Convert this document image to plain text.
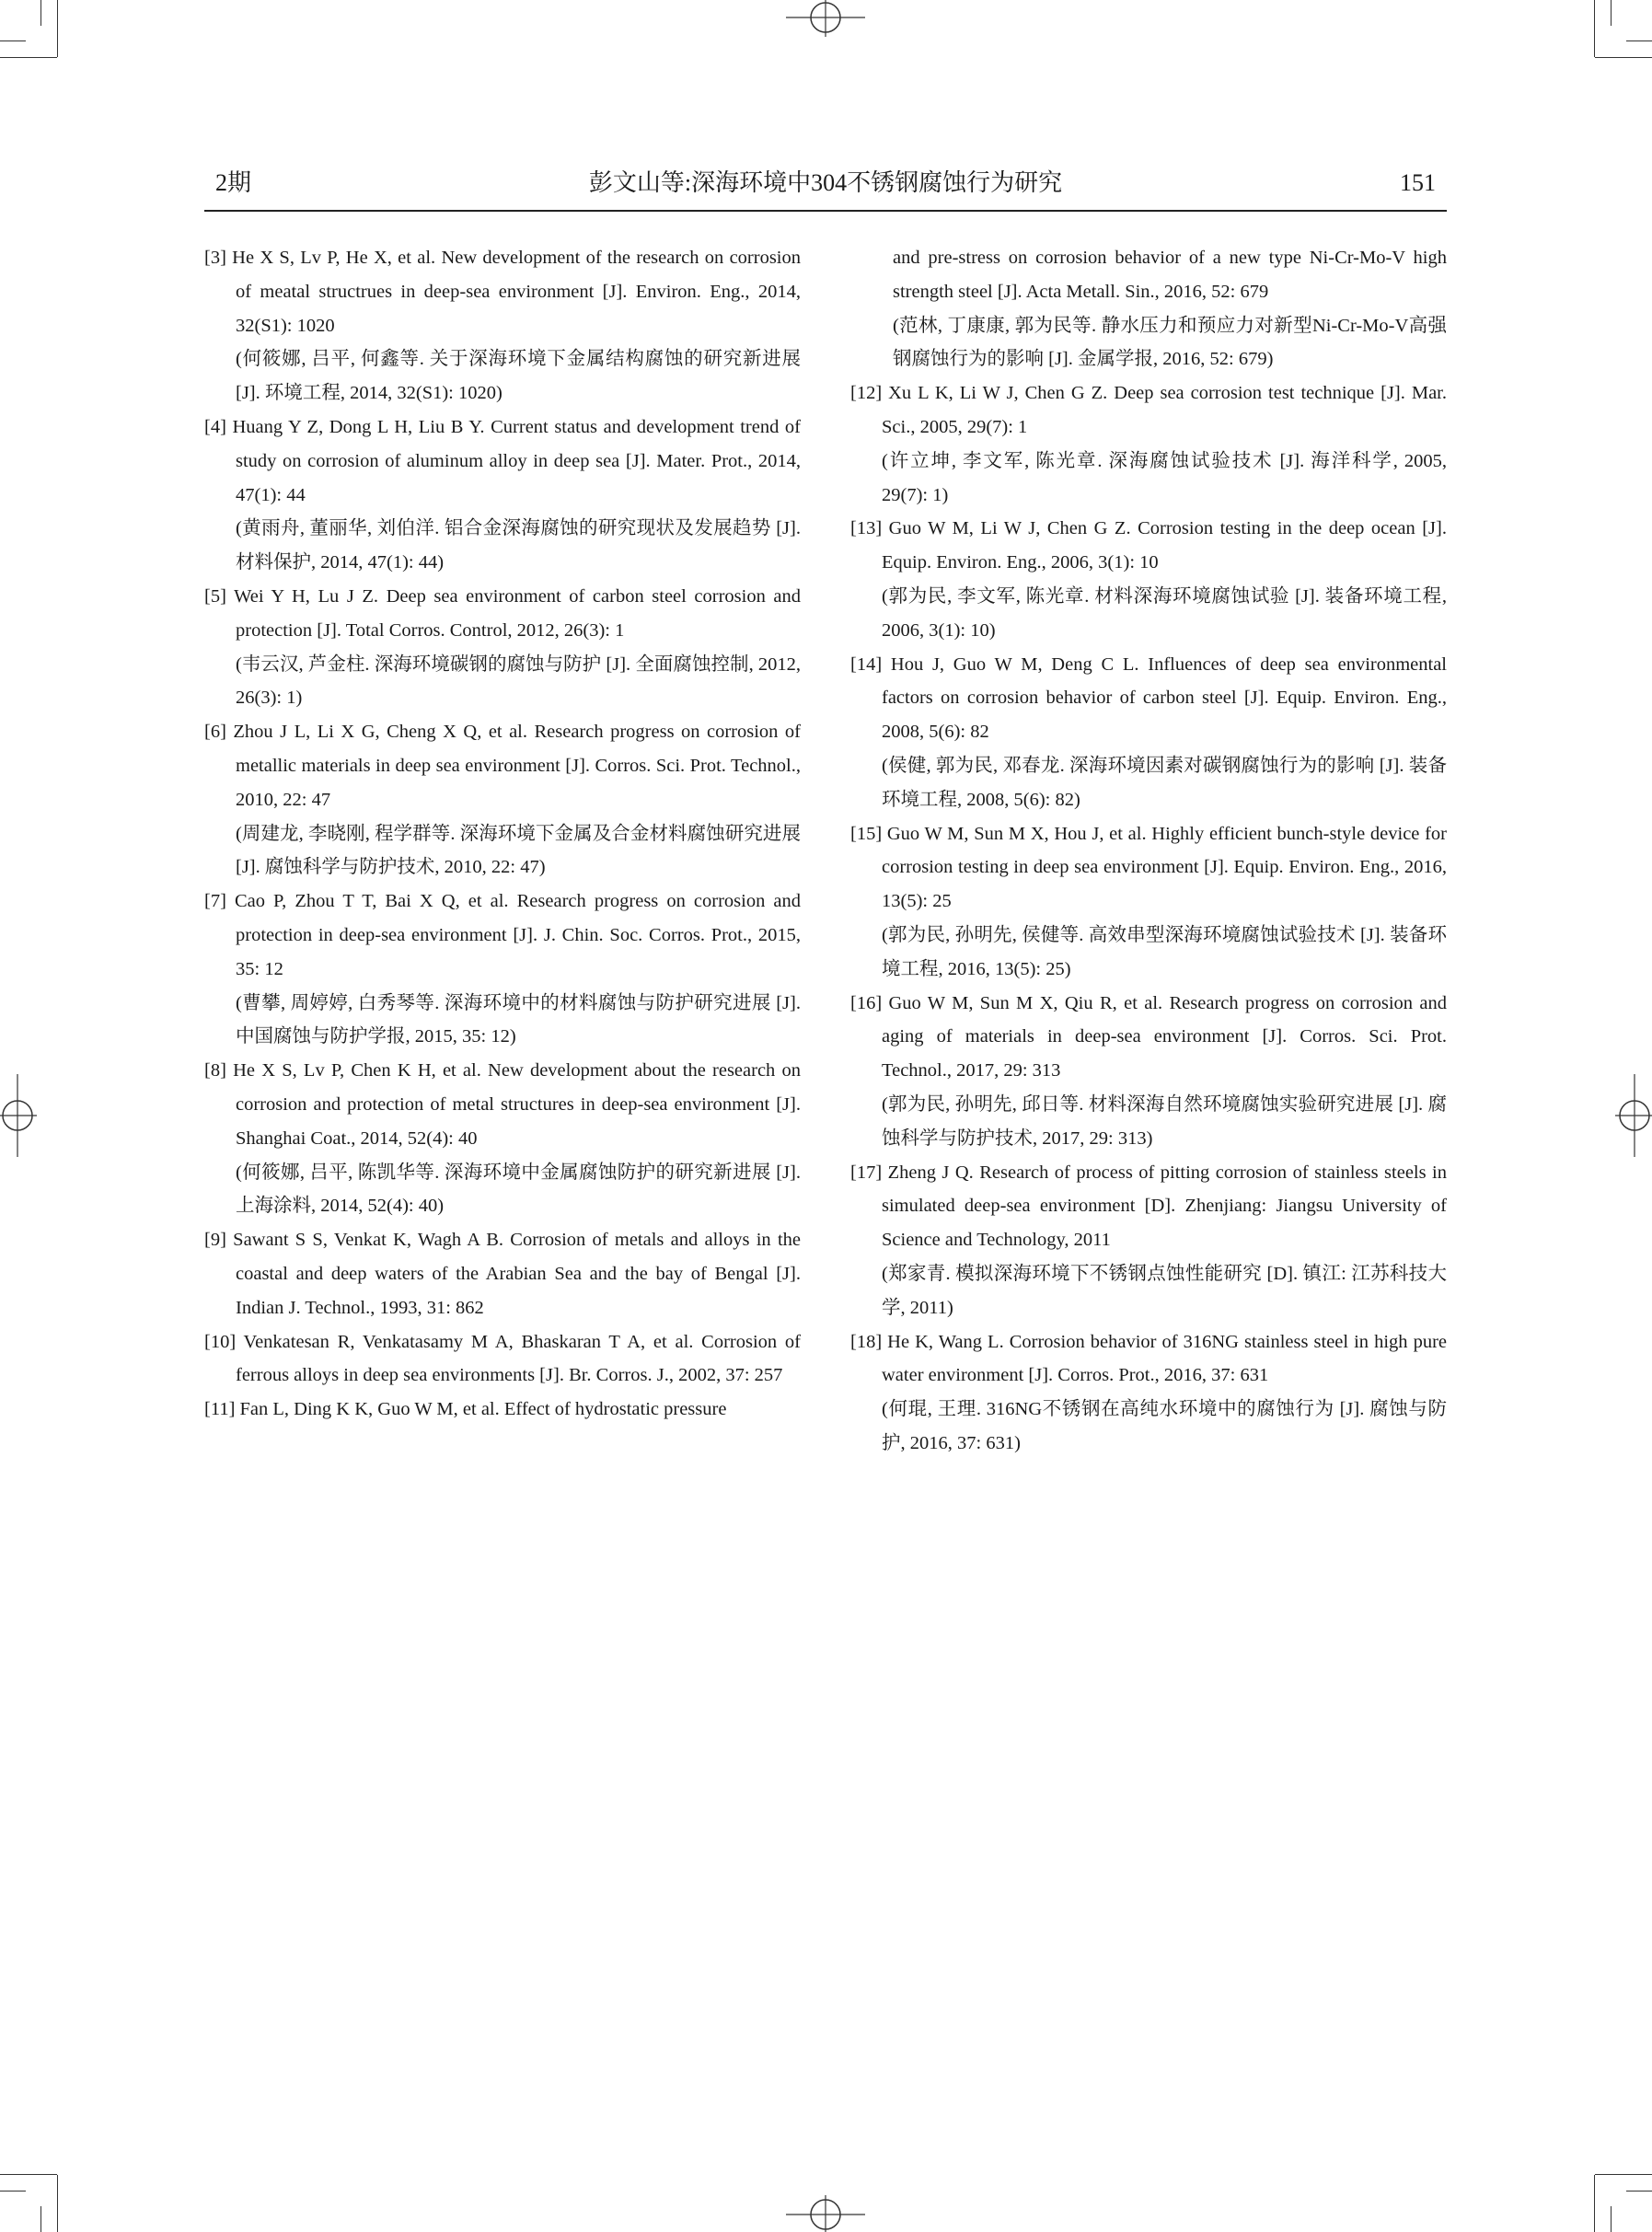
2期	彭文山等:深海环境中304不锈钢腐蚀行为研究	151
[3] He X S, Lv P, He X, et al. New development of the research on corrosion of meatal structrues in deep-sea environment [J]. Environ. Eng., 2014, 32(S1): 1020
(何筱娜, 吕平, 何鑫等. 关于深海环境下金属结构腐蚀的研究新进展 [J]. 环境工程, 2014, 32(S1): 1020)
[4] Huang Y Z, Dong L H, Liu B Y. Current status and development trend of study on corrosion of aluminum alloy in deep sea [J]. Mater. Prot., 2014, 47(1): 44
(黄雨舟, 董丽华, 刘伯洋. 铝合金深海腐蚀的研究现状及发展趋势 [J]. 材料保护, 2014, 47(1): 44)
[5] Wei Y H, Lu J Z. Deep sea environment of carbon steel corrosion and protection [J]. Total Corros. Control, 2012, 26(3): 1
(韦云汉, 芦金柱. 深海环境碳钢的腐蚀与防护 [J]. 全面腐蚀控制, 2012, 26(3): 1)
[6] Zhou J L, Li X G, Cheng X Q, et al. Research progress on corrosion of metallic materials in deep sea environment [J]. Corros. Sci. Prot. Technol., 2010, 22: 47
(周建龙, 李晓刚, 程学群等. 深海环境下金属及合金材料腐蚀研究进展 [J]. 腐蚀科学与防护技术, 2010, 22: 47)
[7] Cao P, Zhou T T, Bai X Q, et al. Research progress on corrosion and protection in deep-sea environment [J]. J. Chin. Soc. Corros. Prot., 2015, 35: 12
(曹攀, 周婷婷, 白秀琴等. 深海环境中的材料腐蚀与防护研究进展 [J]. 中国腐蚀与防护学报, 2015, 35: 12)
[8] He X S, Lv P, Chen K H, et al. New development about the research on corrosion and protection of metal structures in deep-sea environment [J]. Shanghai Coat., 2014, 52(4): 40
(何筱娜, 吕平, 陈凯华等. 深海环境中金属腐蚀防护的研究新进展 [J]. 上海涂料, 2014, 52(4): 40)
[9] Sawant S S, Venkat K, Wagh A B. Corrosion of metals and alloys in the coastal and deep waters of the Arabian Sea and the bay of Bengal [J]. Indian J. Technol., 1993, 31: 862
[10] Venkatesan R, Venkatasamy M A, Bhaskaran T A, et al. Corrosion of ferrous alloys in deep sea environments [J]. Br. Corros. J., 2002, 37: 257
[11] Fan L, Ding K K, Guo W M, et al. Effect of hydrostatic pressure
and pre-stress on corrosion behavior of a new type Ni-Cr-Mo-V high strength steel [J]. Acta Metall. Sin., 2016, 52: 679
(范林, 丁康康, 郭为民等. 静水压力和预应力对新型Ni-Cr-Mo-V高强钢腐蚀行为的影响 [J]. 金属学报, 2016, 52: 679)
[12] Xu L K, Li W J, Chen G Z. Deep sea corrosion test technique [J]. Mar. Sci., 2005, 29(7): 1
(许立坤, 李文军, 陈光章. 深海腐蚀试验技术 [J]. 海洋科学, 2005, 29(7): 1)
[13] Guo W M, Li W J, Chen G Z. Corrosion testing in the deep ocean [J]. Equip. Environ. Eng., 2006, 3(1): 10
(郭为民, 李文军, 陈光章. 材料深海环境腐蚀试验 [J]. 装备环境工程, 2006, 3(1): 10)
[14] Hou J, Guo W M, Deng C L. Influences of deep sea environmental factors on corrosion behavior of carbon steel [J]. Equip. Environ. Eng., 2008, 5(6): 82
(侯健, 郭为民, 邓春龙. 深海环境因素对碳钢腐蚀行为的影响 [J]. 装备环境工程, 2008, 5(6): 82)
[15] Guo W M, Sun M X, Hou J, et al. Highly efficient bunch-style device for corrosion testing in deep sea environment [J]. Equip. Environ. Eng., 2016, 13(5): 25
(郭为民, 孙明先, 侯健等. 高效串型深海环境腐蚀试验技术 [J]. 装备环境工程, 2016, 13(5): 25)
[16] Guo W M, Sun M X, Qiu R, et al. Research progress on corrosion and aging of materials in deep-sea environment [J]. Corros. Sci. Prot. Technol., 2017, 29: 313
(郭为民, 孙明先, 邱日等. 材料深海自然环境腐蚀实验研究进展 [J]. 腐蚀科学与防护技术, 2017, 29: 313)
[17] Zheng J Q. Research of process of pitting corrosion of stainless steels in simulated deep-sea environment [D]. Zhenjiang: Jiangsu University of Science and Technology, 2011
(郑家青. 模拟深海环境下不锈钢点蚀性能研究 [D]. 镇江: 江苏科技大学, 2011)
[18] He K, Wang L. Corrosion behavior of 316NG stainless steel in high pure water environment [J]. Corros. Prot., 2016, 37: 631
(何琨, 王理. 316NG不锈钢在高纯水环境中的腐蚀行为 [J]. 腐蚀与防护, 2016, 37: 631)
